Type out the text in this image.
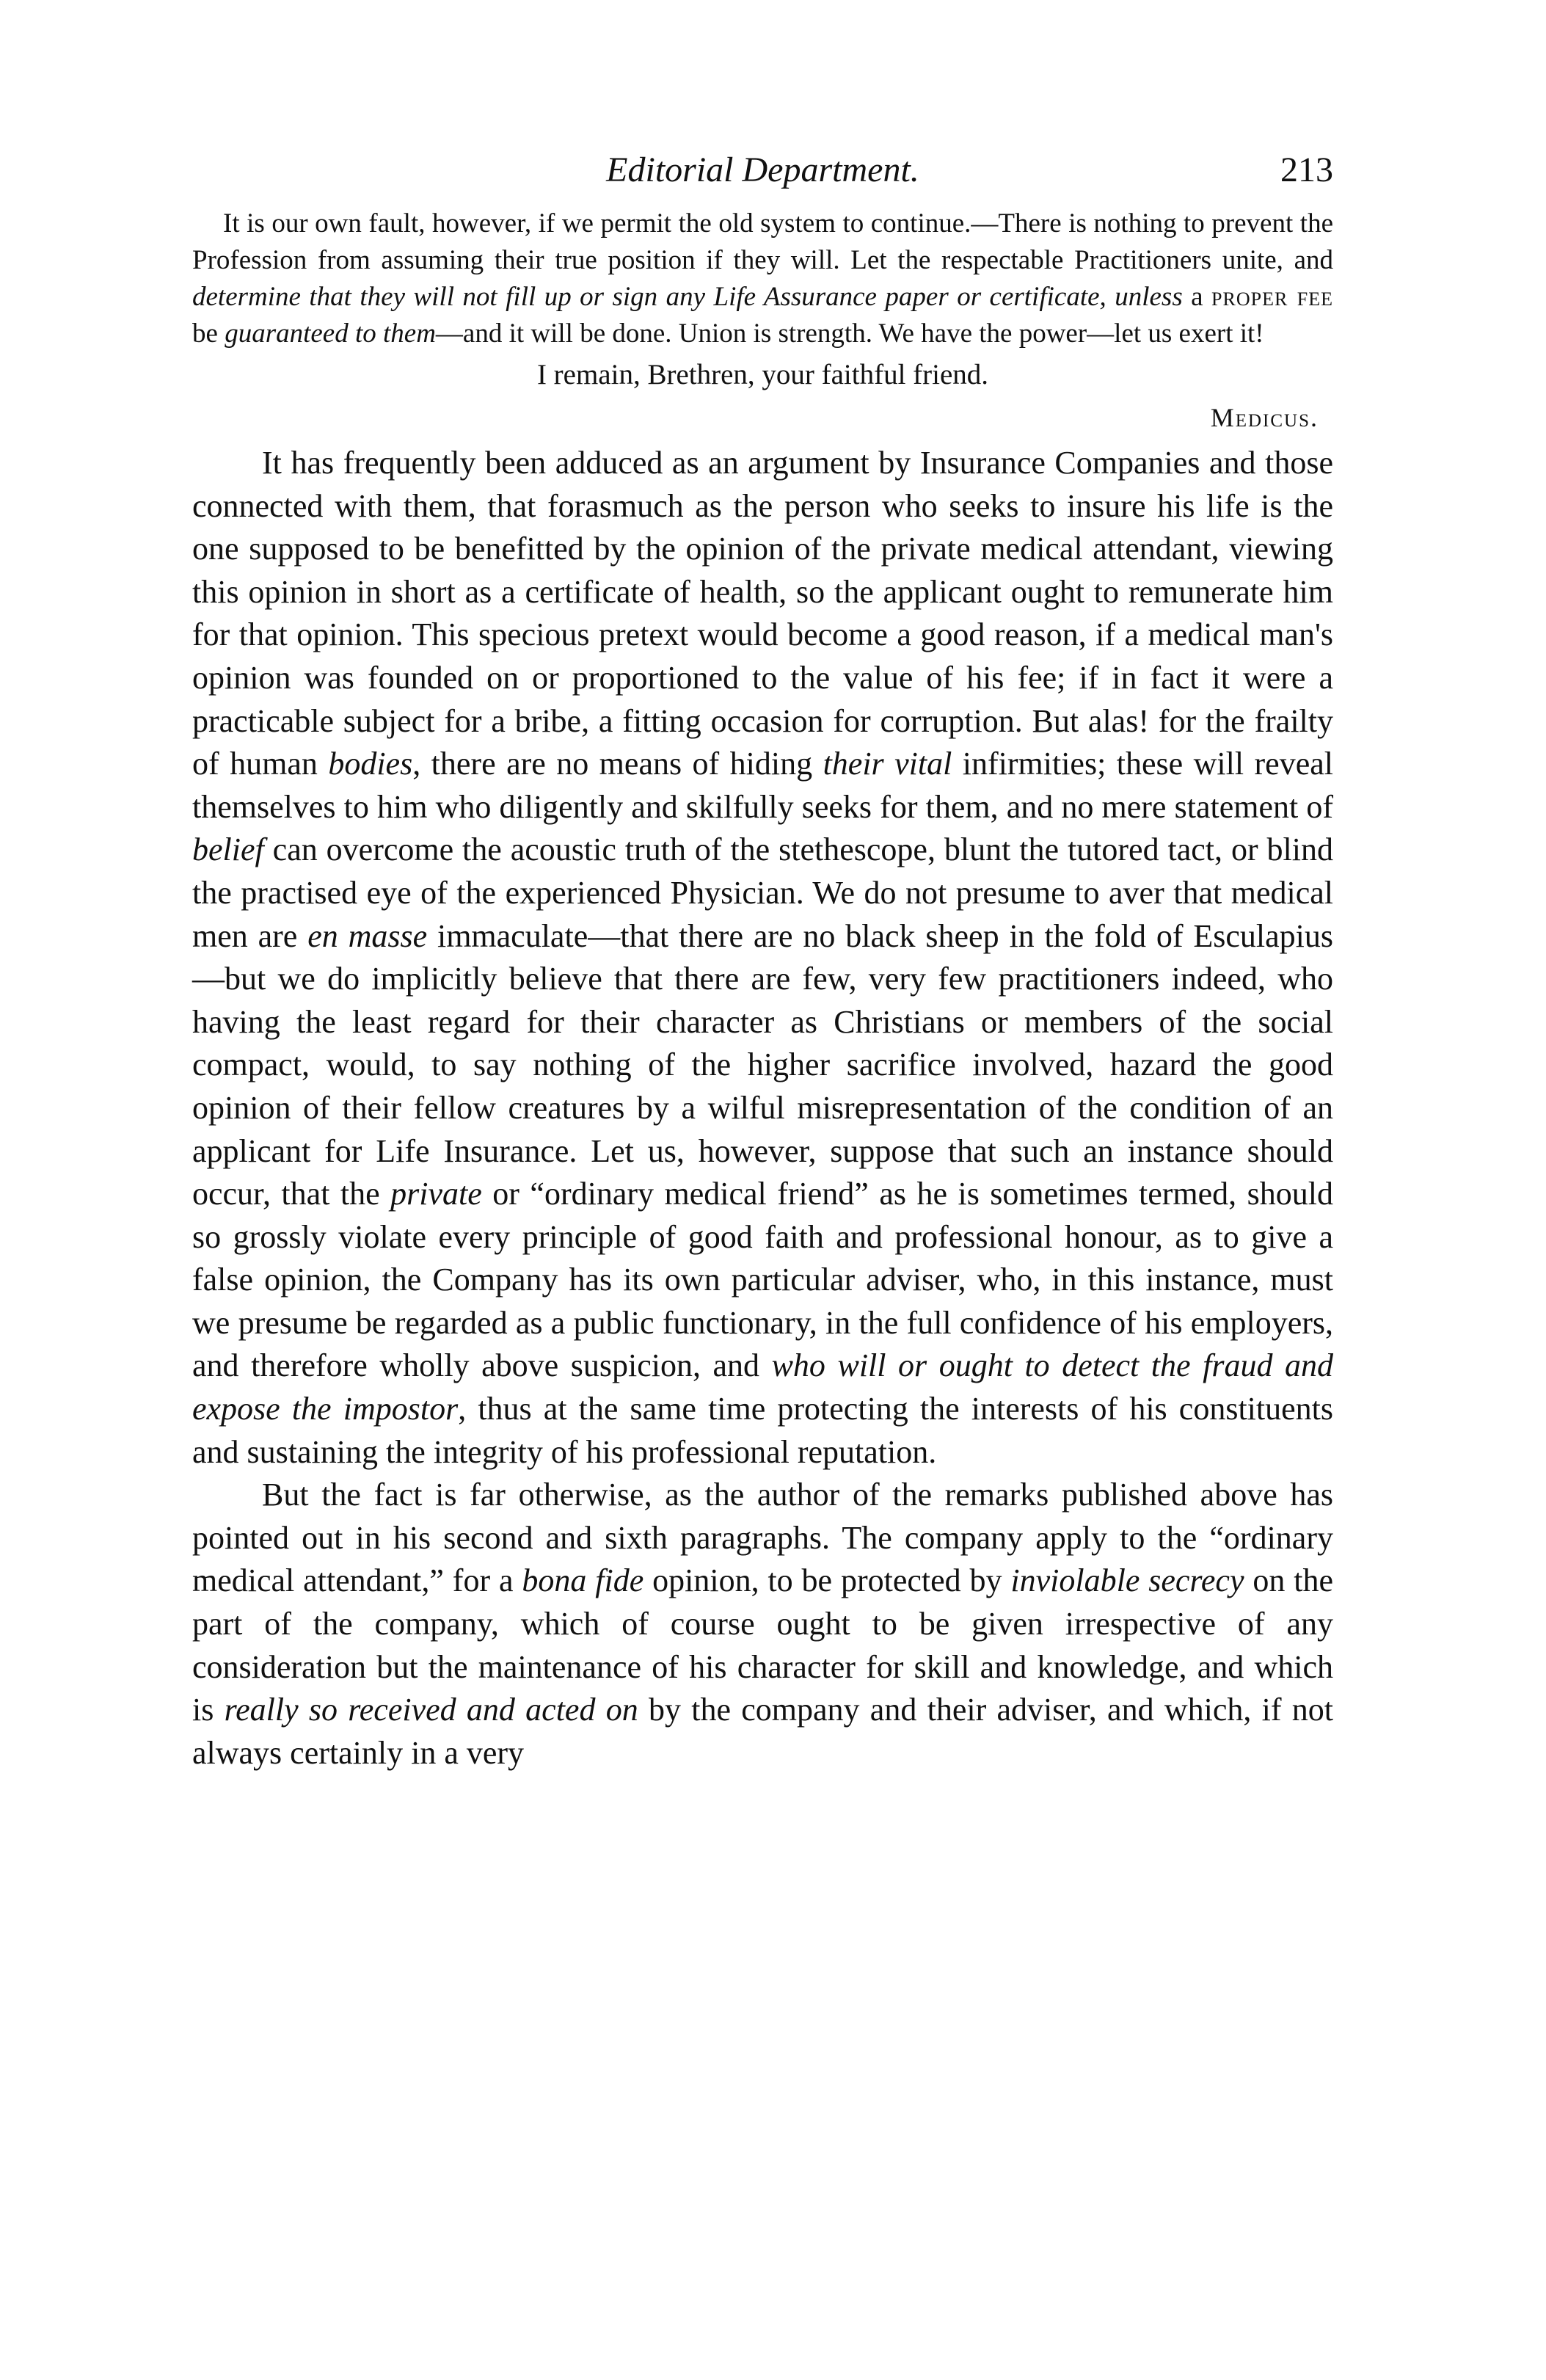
Editorial Department.	213

It is our own fault, however, if we permit the old system to continue.—There is nothing to prevent the Profession from assuming their true position if they will. Let the respectable Practitioners unite, and determine that they will not fill up or sign any Life Assurance paper or certificate, unless a proper fee be guaranteed to them—and it will be done. Union is strength. We have the power—let us exert it!

I remain, Brethren, your faithful friend.

Medicus.

It has frequently been adduced as an argument by Insurance Companies and those connected with them, that forasmuch as the person who seeks to insure his life is the one supposed to be benefitted by the opinion of the private medical attendant, viewing this opinion in short as a certificate of health, so the applicant ought to remunerate him for that opinion. This specious pretext would become a good reason, if a medical man's opinion was founded on or proportioned to the value of his fee; if in fact it were a practicable subject for a bribe, a fitting occasion for corruption. But alas! for the frailty of human bodies, there are no means of hiding their vital infirmities; these will reveal themselves to him who diligently and skilfully seeks for them, and no mere statement of belief can overcome the acoustic truth of the stethescope, blunt the tutored tact, or blind the practised eye of the experienced Physician. We do not presume to aver that medical men are en masse immaculate—that there are no black sheep in the fold of Esculapius—but we do implicitly believe that there are few, very few practitioners indeed, who having the least regard for their character as Christians or members of the social compact, would, to say nothing of the higher sacrifice involved, hazard the good opinion of their fellow creatures by a wilful misrepresentation of the condition of an applicant for Life Insurance. Let us, however, suppose that such an instance should occur, that the private or “ordinary medical friend” as he is sometimes termed, should so grossly violate every principle of good faith and professional honour, as to give a false opinion, the Company has its own particular adviser, who, in this instance, must we presume be regarded as a public functionary, in the full confidence of his employers, and therefore wholly above suspicion, and who will or ought to detect the fraud and expose the impostor, thus at the same time protecting the interests of his constituents and sustaining the integrity of his professional reputation.

But the fact is far otherwise, as the author of the remarks published above has pointed out in his second and sixth paragraphs. The company apply to the “ordinary medical attendant,” for a bona fide opinion, to be protected by inviolable secrecy on the part of the company, which of course ought to be given irrespective of any consideration but the maintenance of his character for skill and knowledge, and which is really so received and acted on by the company and their adviser, and which, if not always certainly in a very
